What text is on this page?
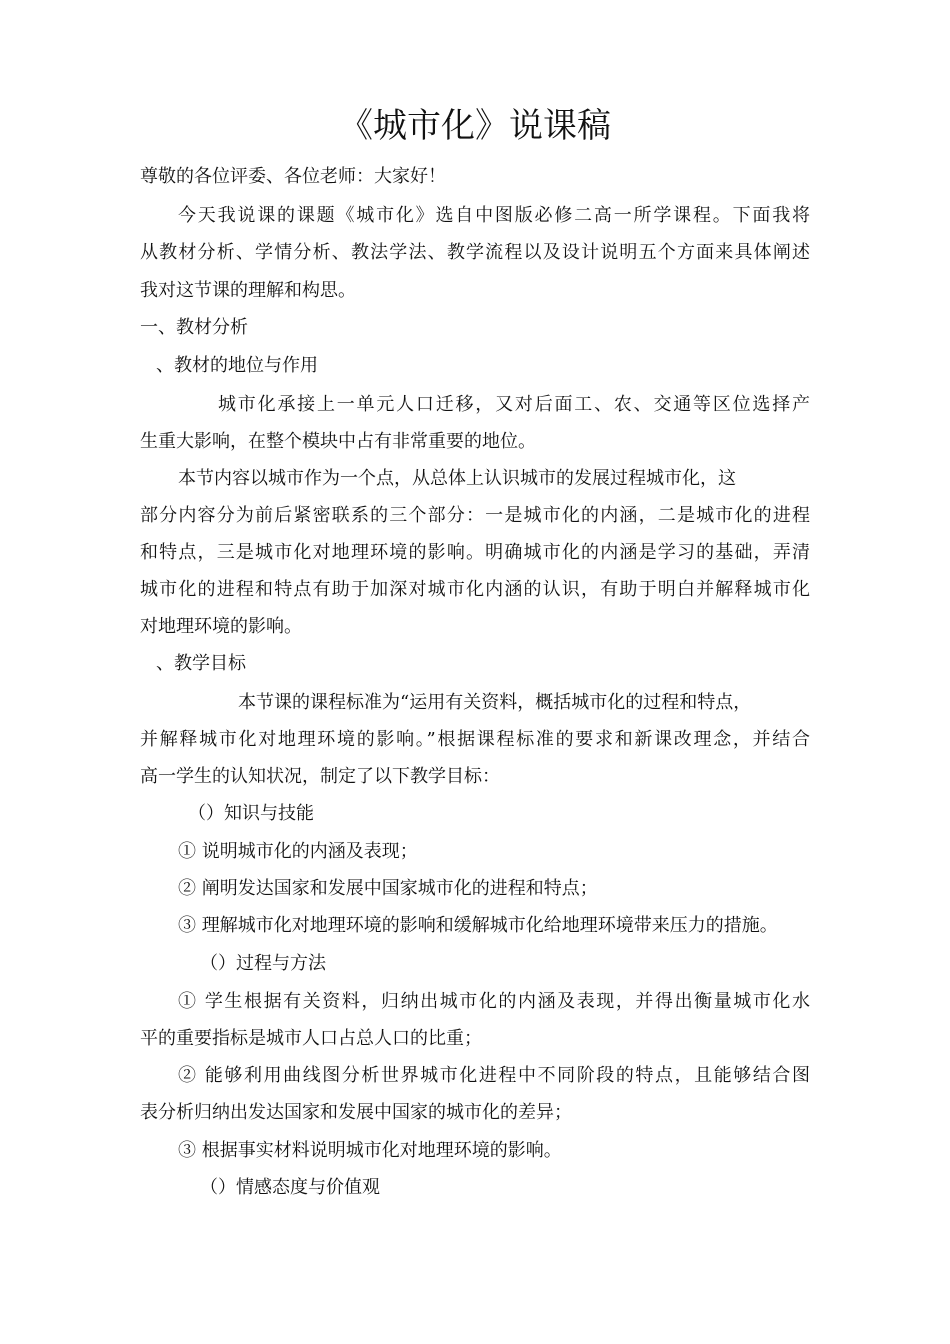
《城市化》说课稿
尊敬的各位评委、各位老师：大家好！
今天我说课的课题《城市化》选自中图版必修二高一所学课程。下面我将
从教材分析、学情分析、教法学法、教学流程以及设计说明五个方面来具体阐述
我对这节课的理解和构思。
一、教材分析
、教材的地位与作用
城市化承接上一单元人口迁移，又对后面工、农、交通等区位选择产
生重大影响，在整个模块中占有非常重要的地位。
本节内容以城市作为一个点，从总体上认识城市的发展过程城市化，这
部分内容分为前后紧密联系的三个部分：一是城市化的内涵，二是城市化的进程
和特点，三是城市化对地理环境的影响。明确城市化的内涵是学习的基础，弄清
城市化的进程和特点有助于加深对城市化内涵的认识，有助于明白并解释城市化
对地理环境的影响。
、教学目标
本节课的课程标准为“运用有关资料，概括城市化的过程和特点，
并解释城市化对地理环境的影响。”根据课程标准的要求和新课改理念，并结合
高一学生的认知状况，制定了以下教学目标：
（）知识与技能
① 说明城市化的内涵及表现；
② 阐明发达国家和发展中国家城市化的进程和特点；
③ 理解城市化对地理环境的影响和缓解城市化给地理环境带来压力的措施。
（）过程与方法
① 学生根据有关资料，归纳出城市化的内涵及表现，并得出衡量城市化水
平的重要指标是城市人口占总人口的比重；
② 能够利用曲线图分析世界城市化进程中不同阶段的特点，且能够结合图
表分析归纳出发达国家和发展中国家的城市化的差异；
③ 根据事实材料说明城市化对地理环境的影响。
（）情感态度与价值观
